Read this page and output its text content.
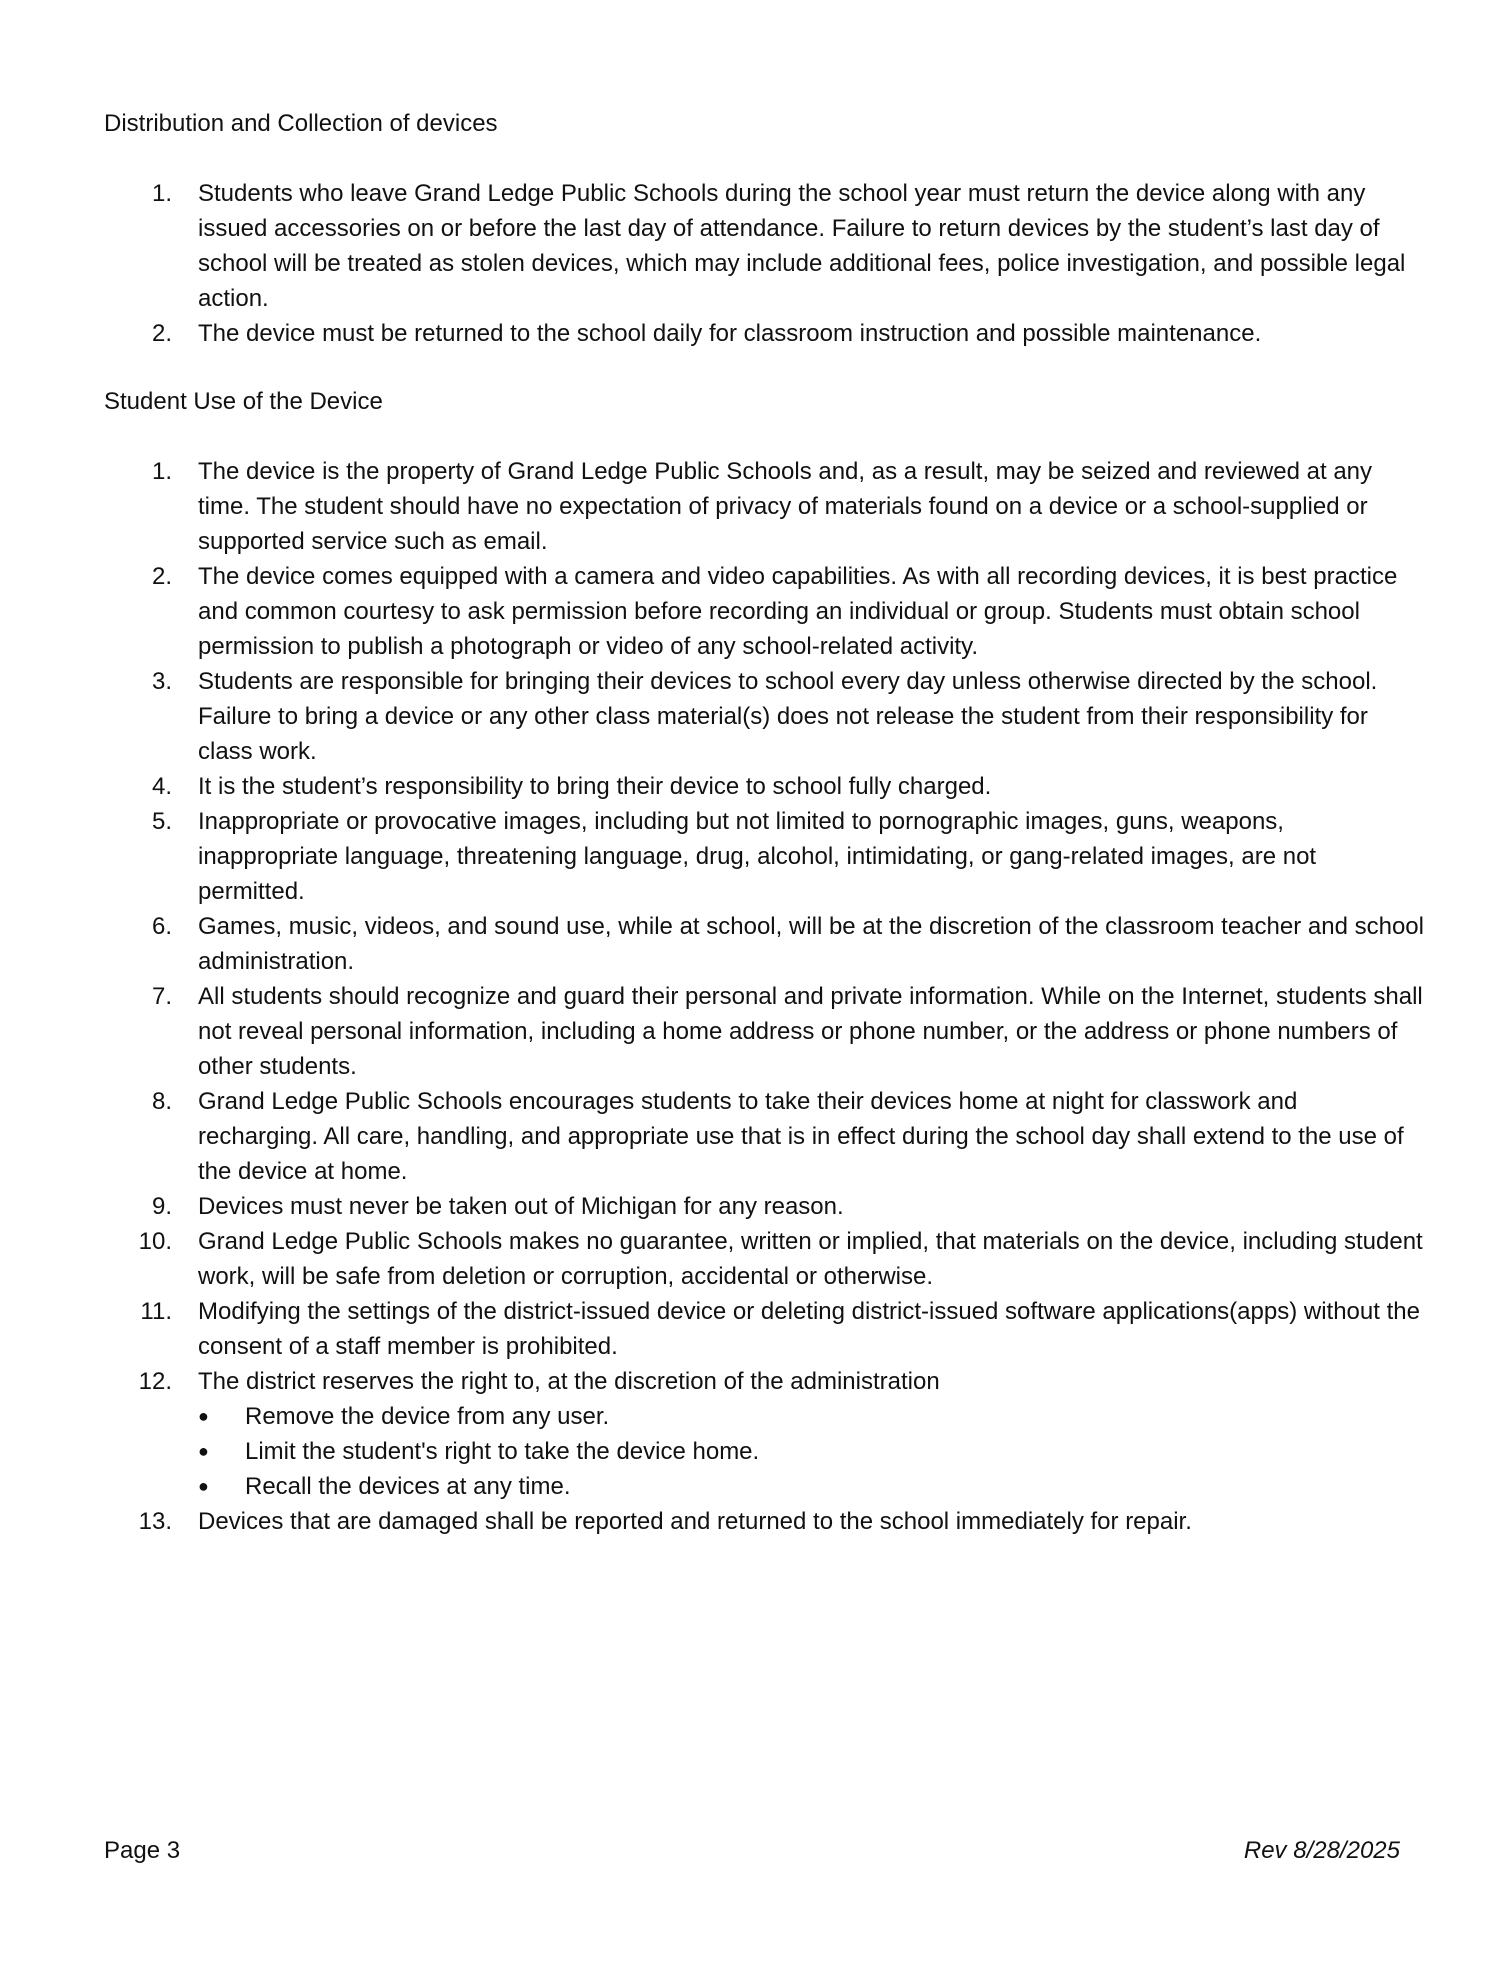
Distribution and Collection of devices
1. Students who leave Grand Ledge Public Schools during the school year must return the device along with any issued accessories on or before the last day of attendance. Failure to return devices by the student’s last day of school will be treated as stolen devices, which may include additional fees, police investigation, and possible legal action.
2. The device must be returned to the school daily for classroom instruction and possible maintenance.
Student Use of the Device
1. The device is the property of Grand Ledge Public Schools and, as a result, may be seized and reviewed at any time. The student should have no expectation of privacy of materials found on a device or a school-supplied or supported service such as email.
2. The device comes equipped with a camera and video capabilities. As with all recording devices, it is best practice and common courtesy to ask permission before recording an individual or group. Students must obtain school permission to publish a photograph or video of any school-related activity.
3. Students are responsible for bringing their devices to school every day unless otherwise directed by the school. Failure to bring a device or any other class material(s) does not release the student from their responsibility for class work.
4. It is the student’s responsibility to bring their device to school fully charged.
5. Inappropriate or provocative images, including but not limited to pornographic images, guns, weapons, inappropriate language, threatening language, drug, alcohol, intimidating, or gang-related images, are not permitted.
6. Games, music, videos, and sound use, while at school, will be at the discretion of the classroom teacher and school administration.
7. All students should recognize and guard their personal and private information. While on the Internet, students shall not reveal personal information, including a home address or phone number, or the address or phone numbers of other students.
8. Grand Ledge Public Schools encourages students to take their devices home at night for classwork and recharging. All care, handling, and appropriate use that is in effect during the school day shall extend to the use of the device at home.
9. Devices must never be taken out of Michigan for any reason.
10. Grand Ledge Public Schools makes no guarantee, written or implied, that materials on the device, including student work, will be safe from deletion or corruption, accidental or otherwise.
11. Modifying the settings of the district-issued device or deleting district-issued software applications(apps) without the consent of a staff member is prohibited.
12. The district reserves the right to, at the discretion of the administration
● Remove the device from any user.
● Limit the student's right to take the device home.
● Recall the devices at any time.
13. Devices that are damaged shall be reported and returned to the school immediately for repair.
Page 3	Rev 8/28/2025
